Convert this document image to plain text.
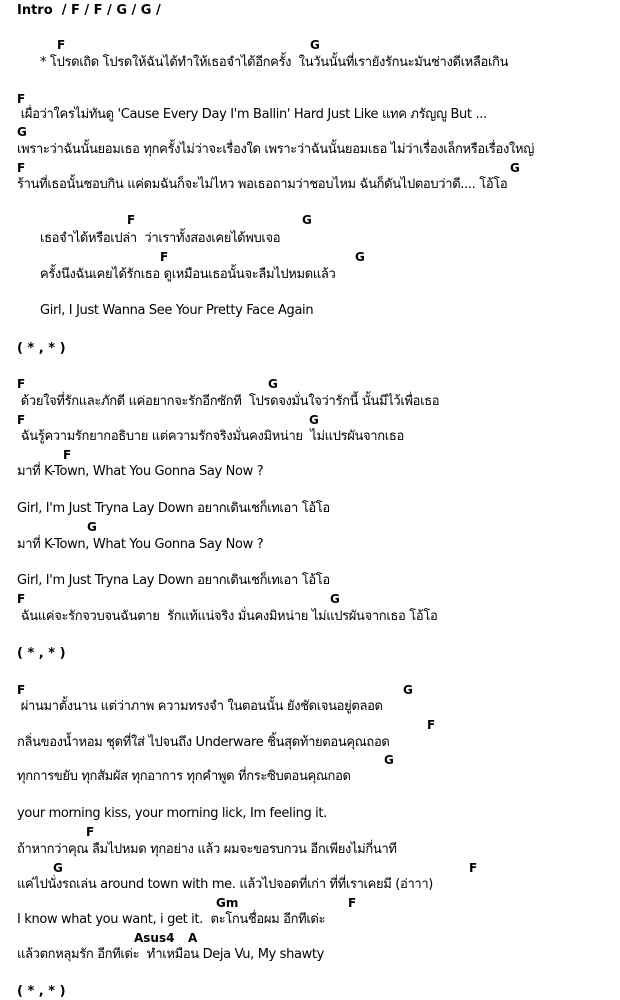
Intro  / F / F / G / G /
F	G
* โปรดเถิด โปรดให้ฉันได้ทำให้เธอจำได้อีกครั้ง  ในวันนั้นที่เรายังรักนะมันช่างดีเหลือเกิน
F
เผื่อว่าใครไม่ทันดู 'Cause Every Day I'm Ballin' Hard Just Like แทค ภรัญญู But ...
G
เพราะว่าฉันนั้นยอมเธอ ทุกครั้งไม่ว่าจะเรื่องใด เพราะว่าฉันนั้นยอมเธอ ไม่ว่าเรื่องเล็กหรือเรื่องใหญ่
F	G
ร้านที่เธอนั้นชอบกิน แค่ดมฉันก็จะไม่ไหว พอเธอถามว่าชอบไหม ฉันก็ดันไปตอบว่าดี.... โอ้โอ
F	G
เธอจำได้หรือเปล่า  ว่าเราทั้งสองเคยได้พบเจอ
F	G
ครั้งนึงฉันเคยได้รักเธอ ดูเหมือนเธอนั้นจะลืมไปหมดแล้ว
Girl, I Just Wanna See Your Pretty Face Again
( * , * )
F	G
ด้วยใจที่รักและภักดี แค่อยากจะรักอีกซักที  โปรดจงมั่นใจว่ารักนี้ นั้นมีไว้เพื่อเธอ
F	G
ฉันรู้ความรักยากอธิบาย แต่ความรักจริงมั่นคงมิหน่าย  ไม่แปรผันจากเธอ
F
มาที่ K-Town, What You Gonna Say Now ?
Girl, I'm Just Tryna Lay Down อยากเดินเชก็เทเอา โอ้โอ
G
มาที่ K-Town, What You Gonna Say Now ?
Girl, I'm Just Tryna Lay Down อยากเดินเชก็เทเอา โอ้โอ
F	G
ฉันแค่จะรักจวบจนฉันตาย  รักแท้แน่จริง มั่นคงมิหน่าย ไม่แปรผันจากเธอ โอ้โอ
( * , * )
F	G
ผ่านมาตั้งนาน แต่ว่าภาพ ความทรงจำ ในตอนนั้น ยังชัดเจนอยู่ตลอด
F
กลิ่นของน้ำหอม ชุดที่ใส่ ไปจนถึง Underware ชิ้นสุดท้ายตอนคุณถอด
G
ทุกการขยับ ทุกสัมผัส ทุกอาการ ทุกคำพูด ที่กระซิบตอนคุณกอด
your morning kiss, your morning lick, Im feeling it.
F
ถ้าหากว่าคุณ ลืมไปหมด ทุกอย่าง แล้ว ผมจะขอรบกวน อีกเพียงไม่กี่นาที
G	F
แค่ไปนั่งรถเล่น around town with me. แล้วไปจอดที่เก่า ที่ที่เราเคยมี (อ่าาา)
Gm	F
I know what you want, i get it.  ตะโกนชื่อผม อีกทีเด่ะ
Asus4 A
แล้วตกหลุมรัก อีกทีเด่ะ  ทำเหมือน Deja Vu, My shawty
( * , * )
